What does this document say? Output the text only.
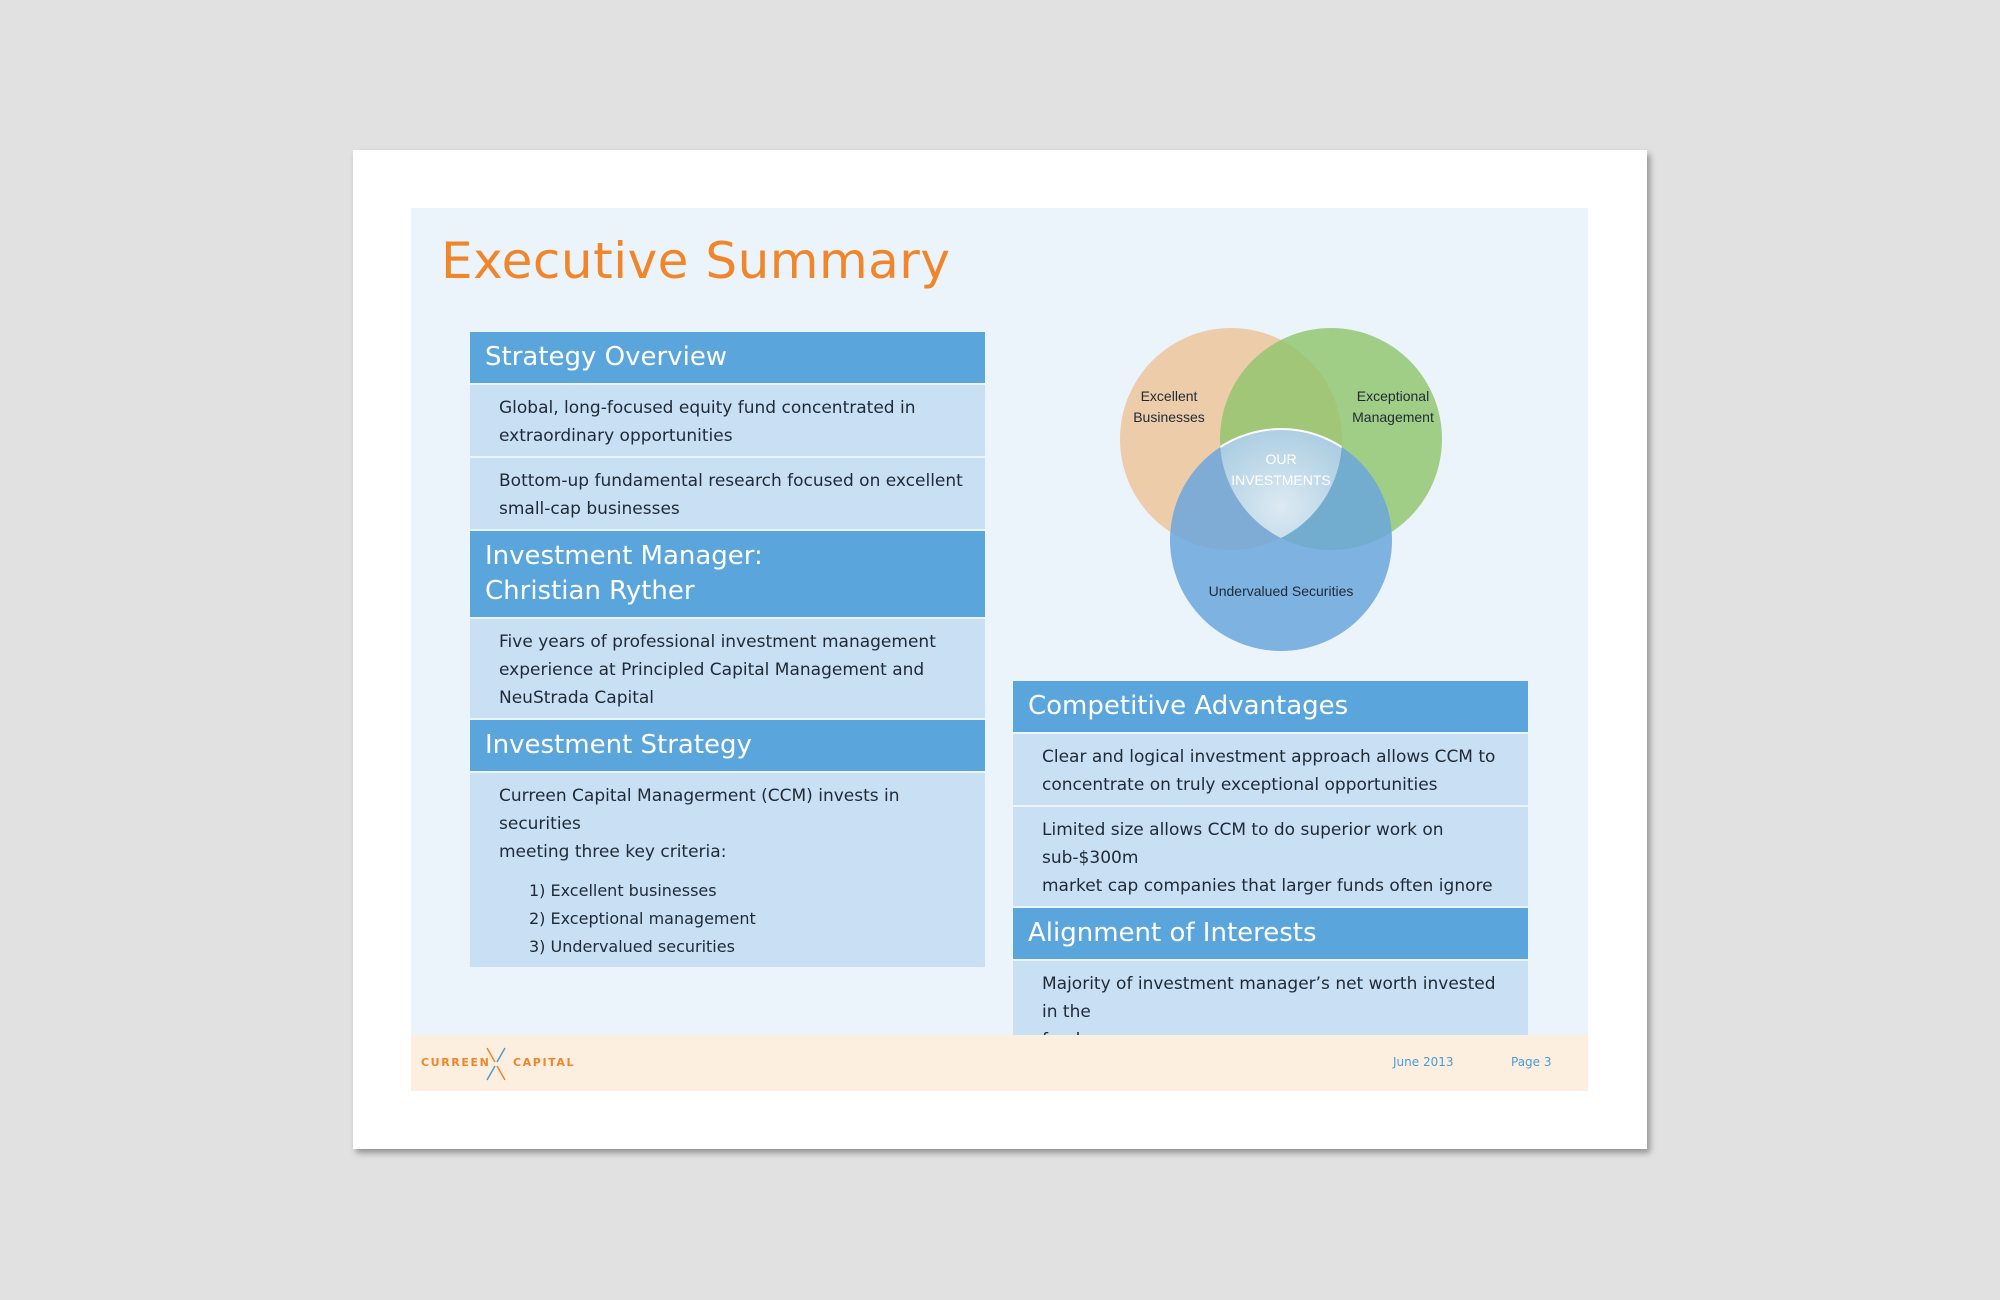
Executive Summary
Strategy Overview
Global, long-focused equity fund concentrated in
extraordinary opportunities
Bottom-up fundamental research focused on excellent
small-cap businesses
Investment Manager:
Christian Ryther
Five years of professional investment management
experience at Principled Capital Management and
NeuStrada Capital
Investment Strategy
Curreen Capital Managerment (CCM) invests in securities
meeting three key criteria:
1) Excellent businesses
2) Exceptional management
3) Undervalued securities
Excellent
Businesses
Exceptional
Management
Undervalued Securities
OUR
INVESTMENTS
Competitive Advantages
Clear and logical investment approach allows CCM to
concentrate on truly exceptional opportunities
Limited size allows CCM to do superior work on sub-$300m
market cap companies that larger funds often ignore
Alignment of Interests
Majority of investment manager’s net worth invested in the
CURREEN CAPITAL	June 2013	Page 3
